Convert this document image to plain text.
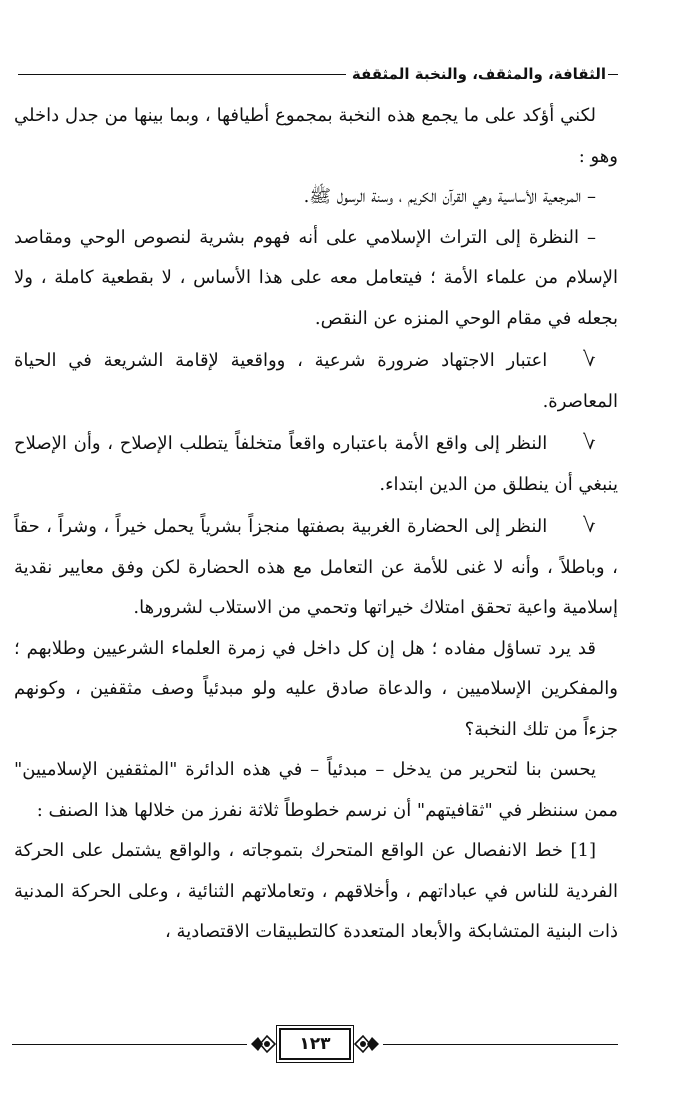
الثقافة، والمثقف، والنخبة المثقفة

لكني أؤكد على ما يجمع هذه النخبة بمجموع أطيافها ، وبما بينها من جدل داخلي وهو :

– المرجعية الأساسية وهي القرآن الكريم ، وسنة الرسول ﷺ.

– النظرة إلى التراث الإسلامي على أنه فهوم بشرية لنصوص الوحي ومقاصد الإسلام من علماء الأمة ؛ فيتعامل معه على هذا الأساس ، لا بقطعية كاملة ، ولا بجعله في مقام الوحي المنزه عن النقص.

√اعتبار الاجتهاد ضرورة شرعية ، وواقعية لإقامة الشريعة في الحياة المعاصرة.

√النظر إلى واقع الأمة باعتباره واقعاً متخلفاً يتطلب الإصلاح ، وأن الإصلاح ينبغي أن ينطلق من الدين ابتداء.

√النظر إلى الحضارة الغربية بصفتها منجزاً بشرياً يحمل خيراً ، وشراً ، حقاً ، وباطلاً ، وأنه لا غنى للأمة عن التعامل مع هذه الحضارة لكن وفق معايير نقدية إسلامية واعية تحقق امتلاك خيراتها وتحمي من الاستلاب لشرورها.

قد يرد تساؤل مفاده ؛ هل إن كل داخل في زمرة العلماء الشرعيين وطلابهم ؛ والمفكرين الإسلاميين ، والدعاة صادق عليه ولو مبدئياً وصف مثقفين ، وكونهم جزءاً من تلك النخبة؟

يحسن بنا لتحرير من يدخل – مبدئياً – في هذه الدائرة "المثقفين الإسلاميين" ممن سننظر في "ثقافيتهم" أن نرسم خطوطاً ثلاثة نفرز من خلالها هذا الصنف :

[1] خط الانفصال عن الواقع المتحرك بتموجاته ، والواقع يشتمل على الحركة الفردية للناس في عباداتهم ، وأخلاقهم ، وتعاملاتهم الثنائية ، وعلى الحركة المدنية ذات البنية المتشابكة والأبعاد المتعددة كالتطبيقات الاقتصادية ،

١٢٣
